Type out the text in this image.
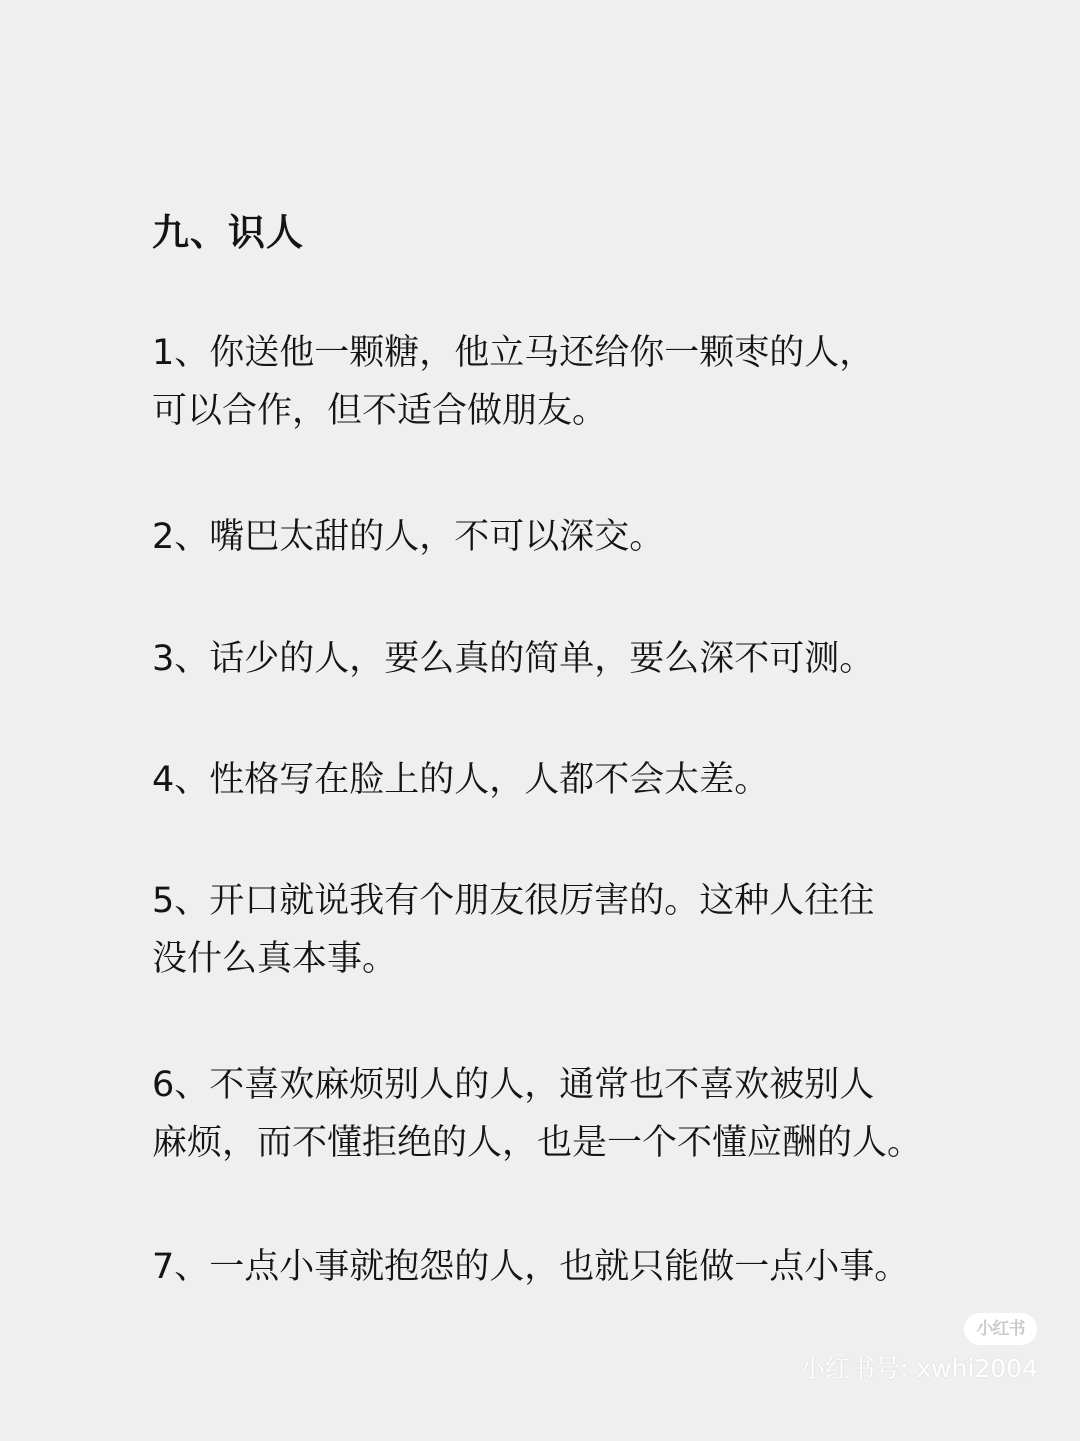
九、识人
1、你送他一颗糖，他立马还给你一颗枣的人，
可以合作，但不适合做朋友。
2、嘴巴太甜的人，不可以深交。
3、话少的人，要么真的简单，要么深不可测。
4、性格写在脸上的人，人都不会太差。
5、开口就说我有个朋友很厉害的。这种人往往
没什么真本事。
6、不喜欢麻烦别人的人，通常也不喜欢被别人
麻烦，而不懂拒绝的人，也是一个不懂应酬的人。
7、一点小事就抱怨的人，也就只能做一点小事。
小红书
小红书号: xwhi2004
